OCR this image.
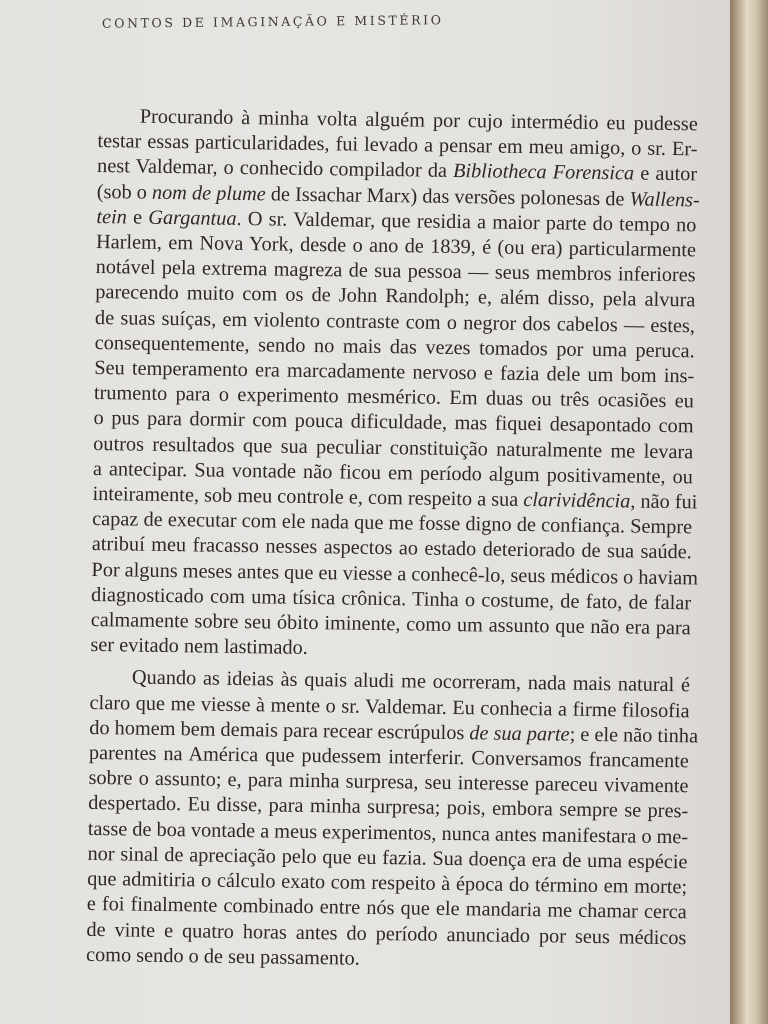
CONTOS DE IMAGINAÇÃO E MISTÉRIO
Procurando à minha volta alguém por cujo intermédio eu pudesse
testar essas particularidades, fui levado a pensar em meu amigo, o sr. Er-
nest Valdemar, o conhecido compilador da Bibliotheca Forensica e autor
(sob o nom de plume de Issachar Marx) das versões polonesas de Wallens-
tein e Gargantua. O sr. Valdemar, que residia a maior parte do tempo no
Harlem, em Nova York, desde o ano de 1839, é (ou era) particularmente
notável pela extrema magreza de sua pessoa — seus membros inferiores
parecendo muito com os de John Randolph; e, além disso, pela alvura
de suas suíças, em violento contraste com o negror dos cabelos — estes,
consequentemente, sendo no mais das vezes tomados por uma peruca.
Seu temperamento era marcadamente nervoso e fazia dele um bom ins-
trumento para o experimento mesmérico. Em duas ou três ocasiões eu
o pus para dormir com pouca dificuldade, mas fiquei desapontado com
outros resultados que sua peculiar constituição naturalmente me levara
a antecipar. Sua vontade não ficou em período algum positivamente, ou
inteiramente, sob meu controle e, com respeito a sua clarividência, não fui
capaz de executar com ele nada que me fosse digno de confiança. Sempre
atribuí meu fracasso nesses aspectos ao estado deteriorado de sua saúde.
Por alguns meses antes que eu viesse a conhecê-lo, seus médicos o haviam
diagnosticado com uma tísica crônica. Tinha o costume, de fato, de falar
calmamente sobre seu óbito iminente, como um assunto que não era para
ser evitado nem lastimado.
Quando as ideias às quais aludi me ocorreram, nada mais natural é
claro que me viesse à mente o sr. Valdemar. Eu conhecia a firme filosofia
do homem bem demais para recear escrúpulos de sua parte; e ele não tinha
parentes na América que pudessem interferir. Conversamos francamente
sobre o assunto; e, para minha surpresa, seu interesse pareceu vivamente
despertado. Eu disse, para minha surpresa; pois, embora sempre se pres-
tasse de boa vontade a meus experimentos, nunca antes manifestara o me-
nor sinal de apreciação pelo que eu fazia. Sua doença era de uma espécie
que admitiria o cálculo exato com respeito à época do término em morte;
e foi finalmente combinado entre nós que ele mandaria me chamar cerca
de vinte e quatro horas antes do período anunciado por seus médicos
como sendo o de seu passamento.
